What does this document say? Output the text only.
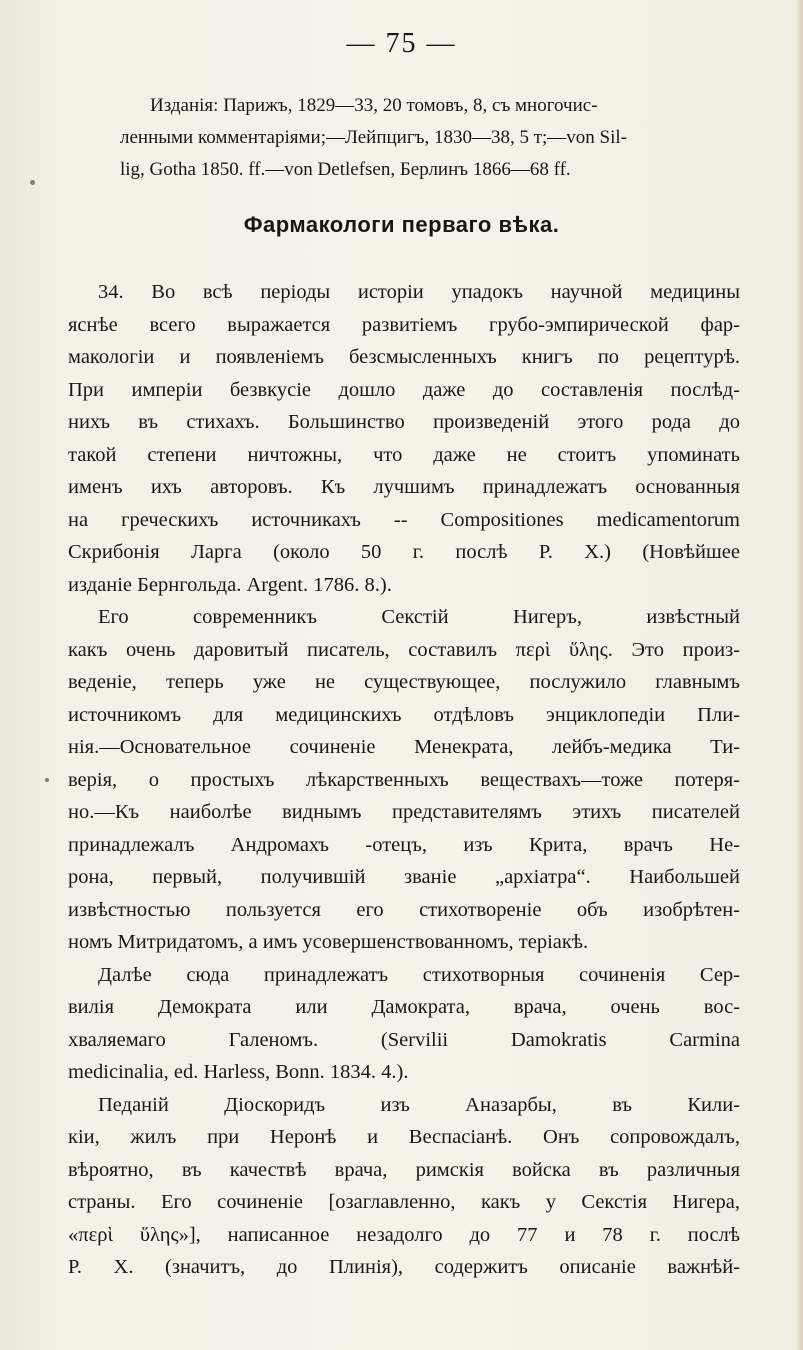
— 75 —
Изданія: Парижъ, 1829—33, 20 томовъ, 8, съ многочис-
ленными комментаріями;—Лейпцигъ, 1830—38, 5 т;—von Sil-
lig, Gotha 1850. ff.—von Detlefsen, Берлинъ 1866—68 ff.
Фармакологи перваго вѣка.
34. Во всѣ періоды исторіи упадокъ научной медицины
яснѣе всего выражается развитіемъ грубо-эмпирической фар-
макологіи и появленіемъ безсмысленныхъ книгъ по рецептурѣ.
При имперіи безвкусіе дошло даже до составленія послѣд-
нихъ въ стихахъ. Большинство произведеній этого рода до
такой степени ничтожны, что даже не стоитъ упоминать
именъ ихъ авторовъ. Къ лучшимъ принадлежатъ основанныя
на греческихъ источникахъ -- Compositiones medicamentorum
Скрибонія Ларга (около 50 г. послѣ Р. Х.) (Новѣйшее
изданіе Бернгольда. Argent. 1786. 8.).
Его современникъ Секстій Нигеръ, извѣстный
какъ очень даровитый писатель, составилъ περὶ ὕλης. Это произ-
веденіе, теперь уже не существующее, послужило главнымъ
источникомъ для медицинскихъ отдѣловъ энциклопедіи Пли-
нія.—Основательное сочиненіе Менекрата, лейбъ-медика Ти-
верія, о простыхъ лѣкарственныхъ веществахъ—тоже потеря-
но.—Къ наиболѣе виднымъ представителямъ этихъ писателей
принадлежалъ Андромахъ -отецъ, изъ Крита, врачъ Не-
рона, первый, получившій званіе „архіатра“. Наибольшей
извѣстностью пользуется его стихотвореніе объ изобрѣтен-
номъ Митридатомъ, а имъ усовершенствованномъ, теріакѣ.
Далѣе сюда принадлежатъ стихотворныя сочиненія Сер-
вилія Демократа или Дамократа, врача, очень вос-
хваляемаго Галеномъ. (Servilii Damokratis Carmina
medicinalia, ed. Harless, Bonn. 1834. 4.).
Педаній Діоскоридъ изъ Аназарбы, въ Кили-
кіи, жилъ при Неронѣ и Веспасіанѣ. Онъ сопровождалъ,
вѣроятно, въ качествѣ врача, римскія войска въ различныя
страны. Его сочиненіе [озаглавленно, какъ у Секстія Нигера,
«περὶ ὕλης»], написанное незадолго до 77 и 78 г. послѣ
Р. Х. (значитъ, до Плинія), содержитъ описаніе важнѣй-
